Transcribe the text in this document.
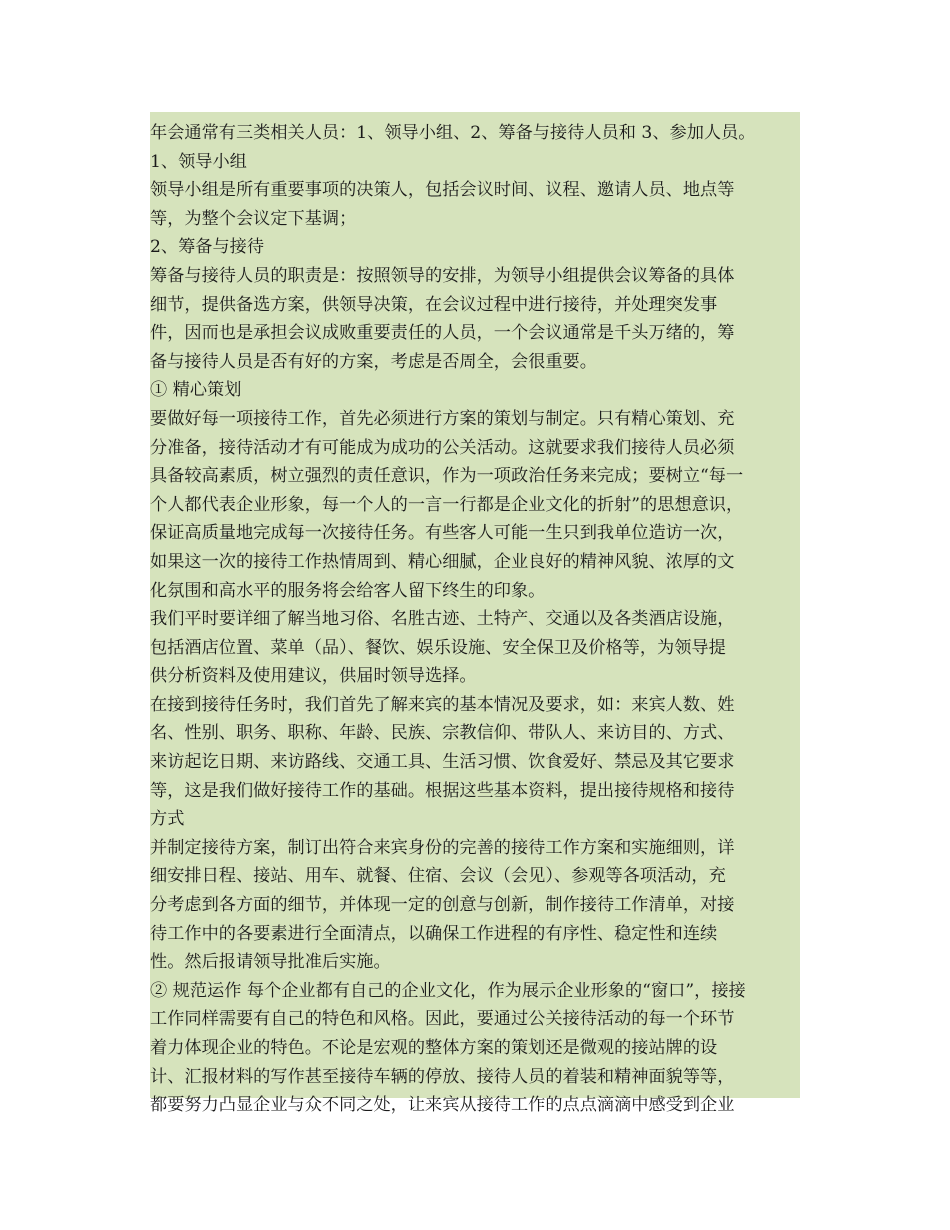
年会通常有三类相关人员：1、领导小组、2、筹备与接待人员和 3、参加人员。
1、领导小组
领导小组是所有重要事项的决策人，包括会议时间、议程、邀请人员、地点等
等，为整个会议定下基调；
2、筹备与接待
筹备与接待人员的职责是：按照领导的安排，为领导小组提供会议筹备的具体
细节，提供备选方案，供领导决策，在会议过程中进行接待，并处理突发事
件，因而也是承担会议成败重要责任的人员，一个会议通常是千头万绪的，筹
备与接待人员是否有好的方案，考虑是否周全，会很重要。
① 精心策划
要做好每一项接待工作，首先必须进行方案的策划与制定。只有精心策划、充
分准备，接待活动才有可能成为成功的公关活动。这就要求我们接待人员必须
具备较高素质，树立强烈的责任意识，作为一项政治任务来完成；要树立“每一
个人都代表企业形象，每一个人的一言一行都是企业文化的折射”的思想意识，
保证高质量地完成每一次接待任务。有些客人可能一生只到我单位造访一次，
如果这一次的接待工作热情周到、精心细腻，企业良好的精神风貌、浓厚的文
化氛围和高水平的服务将会给客人留下终生的印象。
我们平时要详细了解当地习俗、名胜古迹、土特产、交通以及各类酒店设施，
包括酒店位置、菜单（品）、餐饮、娱乐设施、安全保卫及价格等，为领导提
供分析资料及使用建议，供届时领导选择。
在接到接待任务时，我们首先了解来宾的基本情况及要求，如：来宾人数、姓
名、性别、职务、职称、年龄、民族、宗教信仰、带队人、来访目的、方式、
来访起讫日期、来访路线、交通工具、生活习惯、饮食爱好、禁忌及其它要求
等，这是我们做好接待工作的基础。根据这些基本资料，提出接待规格和接待
方式
并制定接待方案，制订出符合来宾身份的完善的接待工作方案和实施细则，详
细安排日程、接站、用车、就餐、住宿、会议（会见）、参观等各项活动，充
分考虑到各方面的细节，并体现一定的创意与创新，制作接待工作清单，对接
待工作中的各要素进行全面清点，以确保工作进程的有序性、稳定性和连续
性。然后报请领导批准后实施。
② 规范运作 每个企业都有自己的企业文化，作为展示企业形象的“窗口”，接接
工作同样需要有自己的特色和风格。因此，要通过公关接待活动的每一个环节
着力体现企业的特色。不论是宏观的整体方案的策划还是微观的接站牌的设
计、汇报材料的写作甚至接待车辆的停放、接待人员的着装和精神面貌等等，
都要努力凸显企业与众不同之处，让来宾从接待工作的点点滴滴中感受到企业
